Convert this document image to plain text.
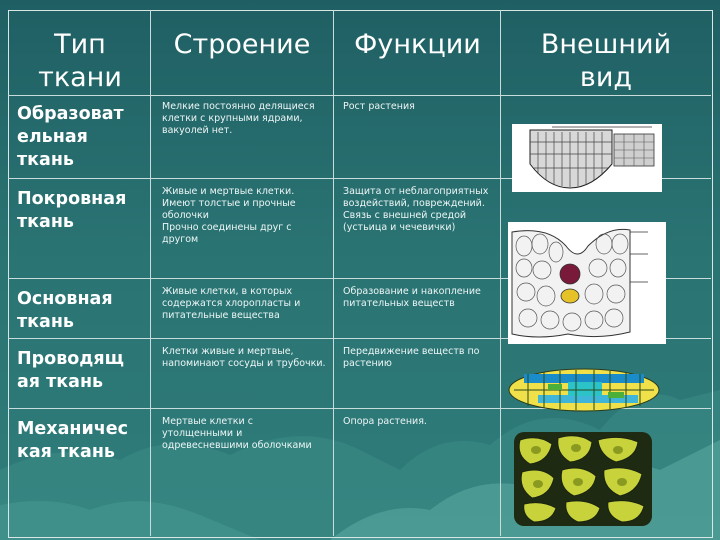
Тип
ткани
Строение	Функции	Внешний
вид
Образоват
ельная
ткань
Мелкие постоянно делящиеся
клетки с крупными ядрами,
вакуолей нет.
Рост растения
Покровная
ткань
Живые и мертвые клетки.
Имеют толстые и прочные
оболочки
Прочно соединены друг с
другом
Защита от неблагоприятных
воздействий, повреждений.
Связь с внешней средой
(устьица и чечевички)
Основная
ткань
Живые клетки, в которых
содержатся хлоропласты и
питательные вещества
Образование и накопление
питательных веществ
Проводящ
ая ткань
Клетки живые и мертвые,
напоминают сосуды и трубочки.
Передвижение веществ по
растению
Механичес
кая ткань
Мертвые клетки с
утолщенными и
одревесневшими оболочками
Опора растения.
